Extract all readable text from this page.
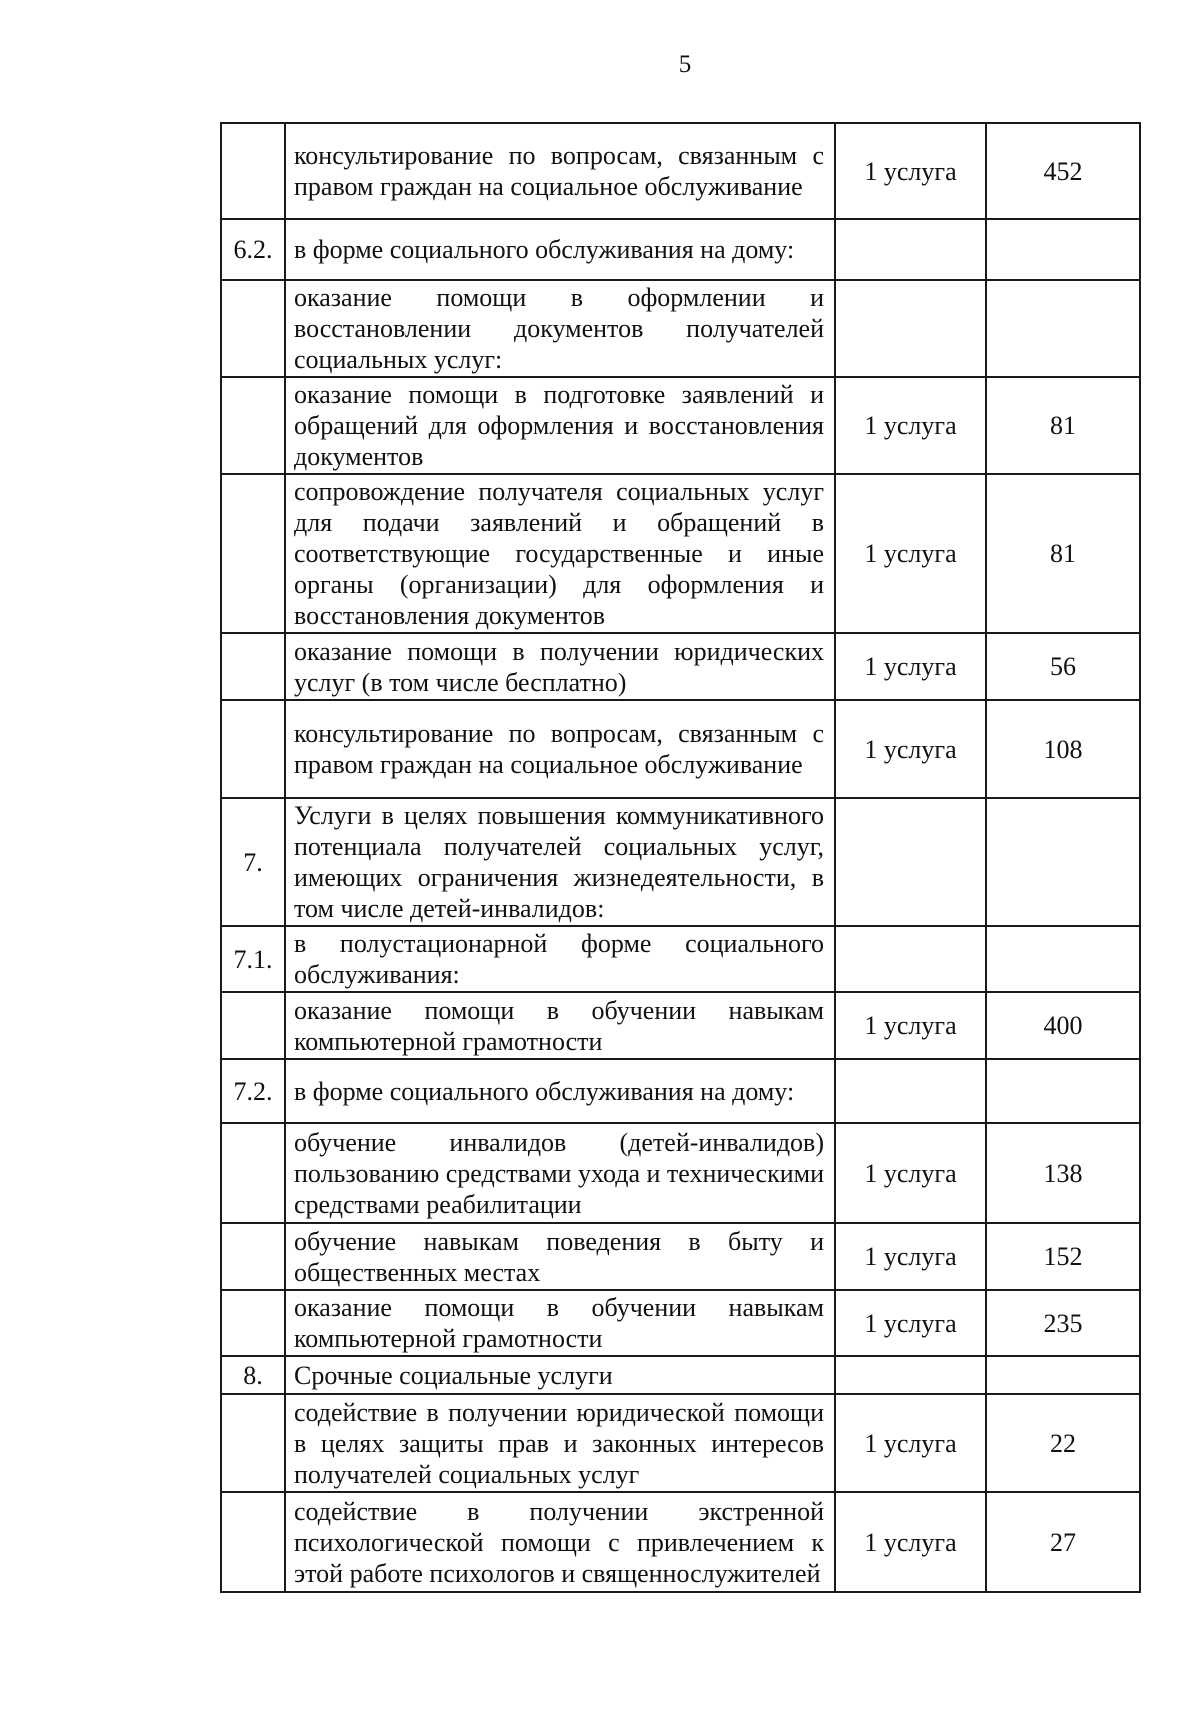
5
	консультирование по вопросам, связанным с правом граждан на социальное обслуживание	1 услуга	452
6.2.	в форме социального обслуживания на дому:		
	оказание помощи в оформлении и восстановлении документов получателей социальных услуг:		
	оказание помощи в подготовке заявлений и обращений для оформления и восстановления документов	1 услуга	81
	сопровождение получателя социальных услуг для подачи заявлений и обращений в соответствующие государственные и иные органы (организации) для оформления и восстановления документов	1 услуга	81
	оказание помощи в получении юридических услуг (в том числе бесплатно)	1 услуга	56
	консультирование по вопросам, связанным с правом граждан на социальное обслуживание	1 услуга	108
7.	Услуги в целях повышения коммуникативного потенциала получателей социальных услуг, имеющих ограничения жизнедеятельности, в том числе детей-инвалидов:		
7.1.	в полустационарной форме социального обслуживания:		
	оказание помощи в обучении навыкам компьютерной грамотности	1 услуга	400
7.2.	в форме социального обслуживания на дому:		
	обучение инвалидов (детей-инвалидов) пользованию средствами ухода и техническими средствами реабилитации	1 услуга	138
	обучение навыкам поведения в быту и общественных местах	1 услуга	152
	оказание помощи в обучении навыкам компьютерной грамотности	1 услуга	235
8.	Срочные социальные услуги		
	содействие в получении юридической помощи в целях защиты прав и законных интересов получателей социальных услуг	1 услуга	22
	содействие в получении экстренной психологической помощи с привлечением к этой работе психологов и священнослужителей	1 услуга	27
